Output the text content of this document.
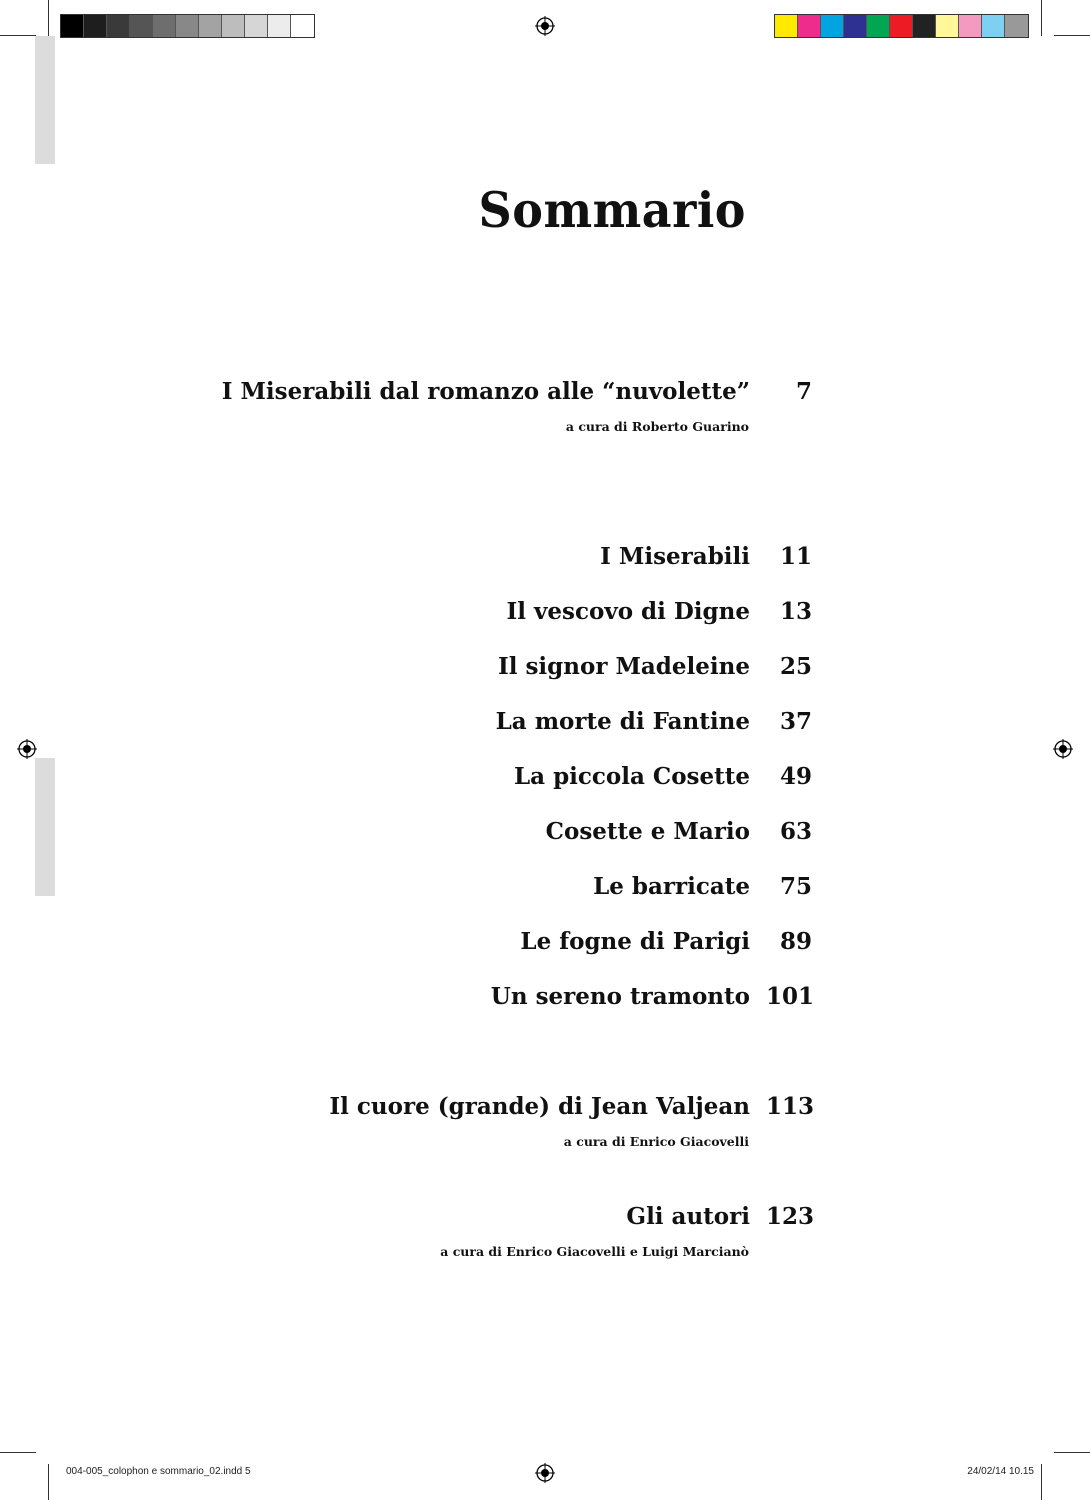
Sommario
I Miserabili dal romanzo alle “nuvolette”	7
a cura di Roberto Guarino
I Miserabili	11
Il vescovo di Digne	13
Il signor Madeleine	25
La morte di Fantine	37
La piccola Cosette	49
Cosette e Mario	63
Le barricate	75
Le fogne di Parigi	89
Un sereno tramonto 101
Il cuore (grande) di Jean Valjean 113
a cura di Enrico Giacovelli
Gli autori 123
a cura di Enrico Giacovelli e Luigi Marcianò
004-005_colophon e sommario_02.indd 5	24/02/14 10.15
